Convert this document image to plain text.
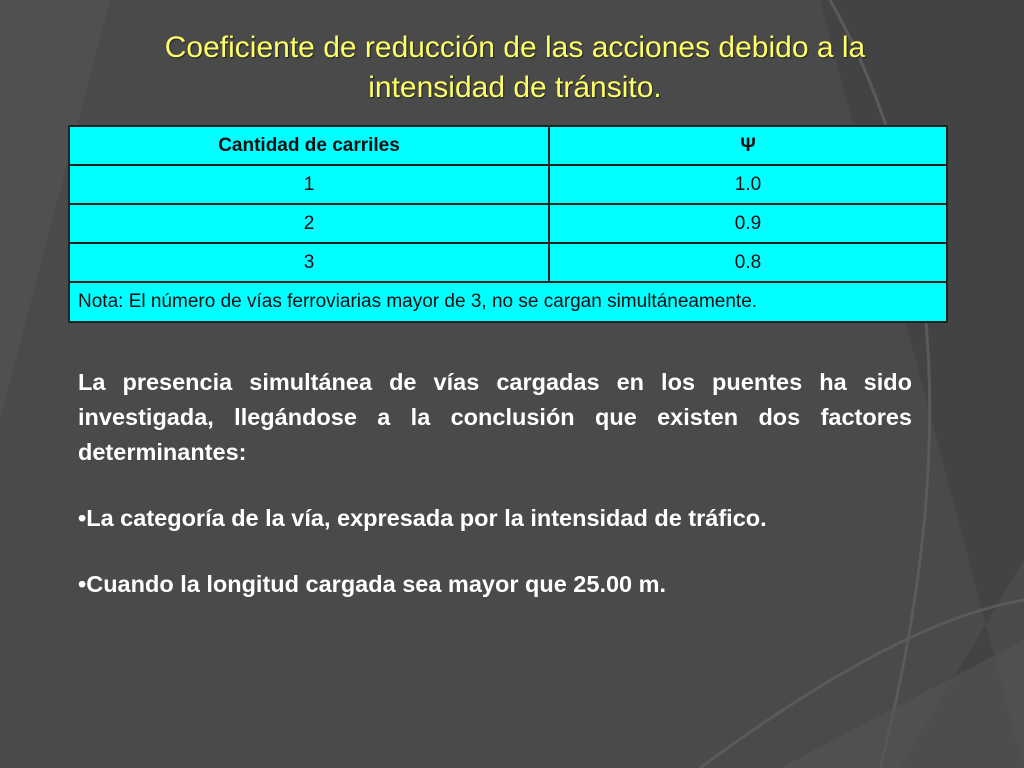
Coeficiente de reducción de las acciones debido a la
intensidad de tránsito.
Cantidad de carriles	Ψ
1	1.0
2	0.9
3	0.8
Nota: El número de vías ferroviarias mayor de 3, no se cargan simultáneamente.	

La presencia simultánea de vías cargadas en los puentes ha sido investigada, llegándose a la conclusión que existen dos factores determinantes:

•La categoría de la vía, expresada por la intensidad de tráfico.

•Cuando la longitud cargada sea mayor que 25.00 m.
